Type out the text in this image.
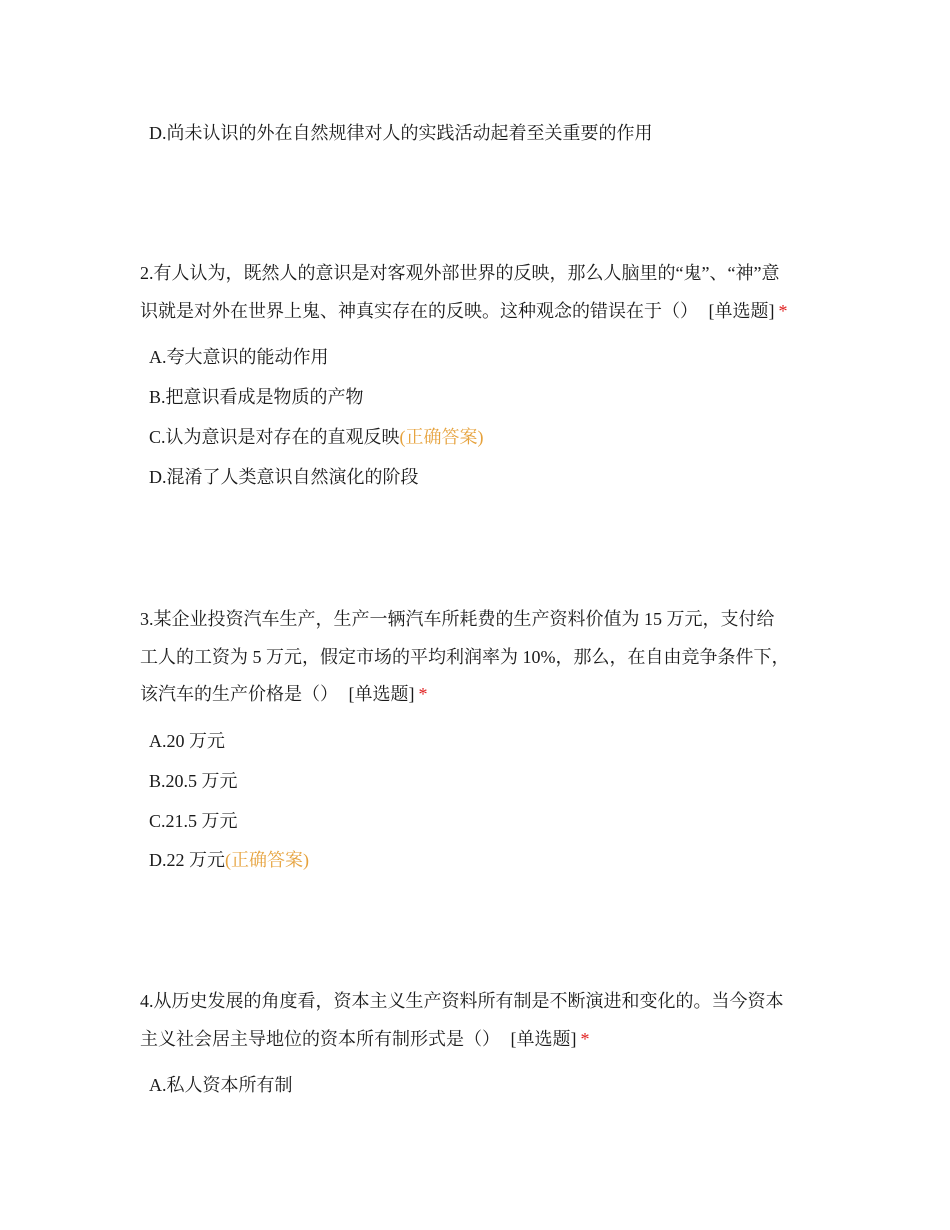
D.尚未认识的外在自然规律对人的实践活动起着至关重要的作用
2.有人认为，既然人的意识是对客观外部世界的反映，那么人脑里的“鬼”、“神”意
识就是对外在世界上鬼、神真实存在的反映。这种观念的错误在于（） [单选题] *
A.夸大意识的能动作用
B.把意识看成是物质的产物
C.认为意识是对存在的直观反映(正确答案)
D.混淆了人类意识自然演化的阶段
3.某企业投资汽车生产，生产一辆汽车所耗费的生产资料价值为 15 万元，支付给
工人的工资为 5 万元，假定市场的平均利润率为 10%，那么，在自由竞争条件下，
该汽车的生产价格是（） [单选题] *
A.20 万元
B.20.5 万元
C.21.5 万元
D.22 万元(正确答案)
4.从历史发展的角度看，资本主义生产资料所有制是不断演进和变化的。当今资本
主义社会居主导地位的资本所有制形式是（） [单选题] *
A.私人资本所有制
